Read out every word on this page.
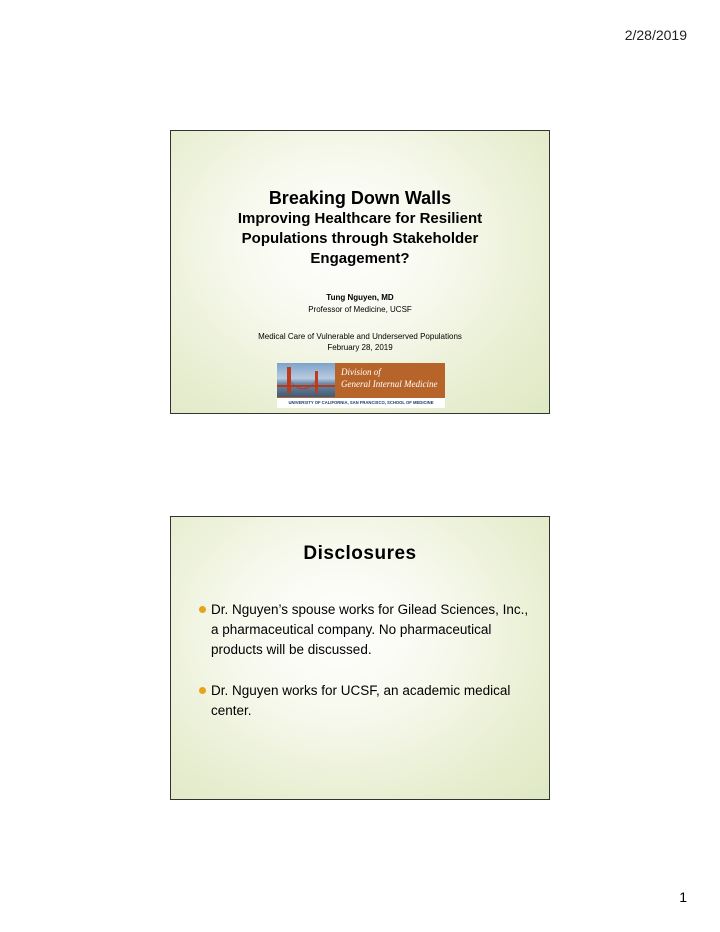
2/28/2019
Breaking Down Walls
Improving Healthcare for Resilient Populations through Stakeholder Engagement?
Tung Nguyen, MD
Professor of Medicine, UCSF
Medical Care of Vulnerable and Underserved Populations
February 28, 2019
Division of
General Internal Medicine
UNIVERSITY OF CALIFORNIA, SAN FRANCISCO, SCHOOL OF MEDICINE
Disclosures
Dr. Nguyen’s spouse works for Gilead Sciences, Inc., a pharmaceutical company. No pharmaceutical products will be discussed.
Dr. Nguyen works for UCSF, an academic medical center.
1
